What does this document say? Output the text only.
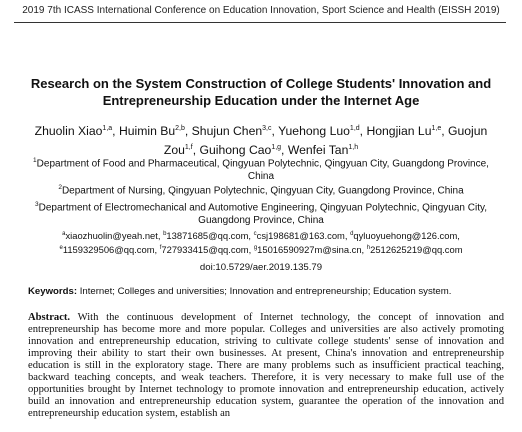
2019 7th ICASS International Conference on Education Innovation, Sport Science and Health (EISSH 2019)
Research on the System Construction of College Students' Innovation and Entrepreneurship Education under the Internet Age
Zhuolin Xiao$^{1,a}$, Huimin Bu$^{2,b}$, Shujun Chen$^{3,c}$, Yuehong Luo$^{1,d}$, Hongjian Lu$^{1,e}$, Guojun Zou$^{1,f}$, Guihong Cao$^{1,g}$, Wenfei Tan$^{1,h}$
$^1$Department of Food and Pharmaceutical, Qingyuan Polytechnic, Qingyuan City, Guangdong Province, China
$^2$Department of Nursing, Qingyuan Polytechnic, Qingyuan City, Guangdong Province, China
$^3$Department of Electromechanical and Automotive Engineering, Qingyuan Polytechnic, Qingyuan City, Guangdong Province, China
$^a$xiaozhuolin@yeah.net, $^b$13871685@qq.com, $^c$csj198681@163.com, $^d$qyluoyuehong@126.com,
$^e$1159329506@qq.com, $^f$727933415@qq.com, $^g$15016590927m@sina.cn, $^h$2512625219@qq.com
doi:10.5729/aer.2019.135.79
Keywords: Internet; Colleges and universities; Innovation and entrepreneurship; Education system.
Abstract. With the continuous development of Internet technology, the concept of innovation and entrepreneurship has become more and more popular. Colleges and universities are also actively promoting innovation and entrepreneurship education, striving to cultivate college students' sense of innovation and improving their ability to start their own businesses. At present, China's innovation and entrepreneurship education is still in the exploratory stage. There are many problems such as insufficient practical teaching, backward teaching concepts, and weak teachers. Therefore, it is very necessary to make full use of the opportunities brought by Internet technology to promote innovation and entrepreneurship education, actively build an innovation and entrepreneurship education system, guarantee the operation of the innovation and entrepreneurship education system, establish an
